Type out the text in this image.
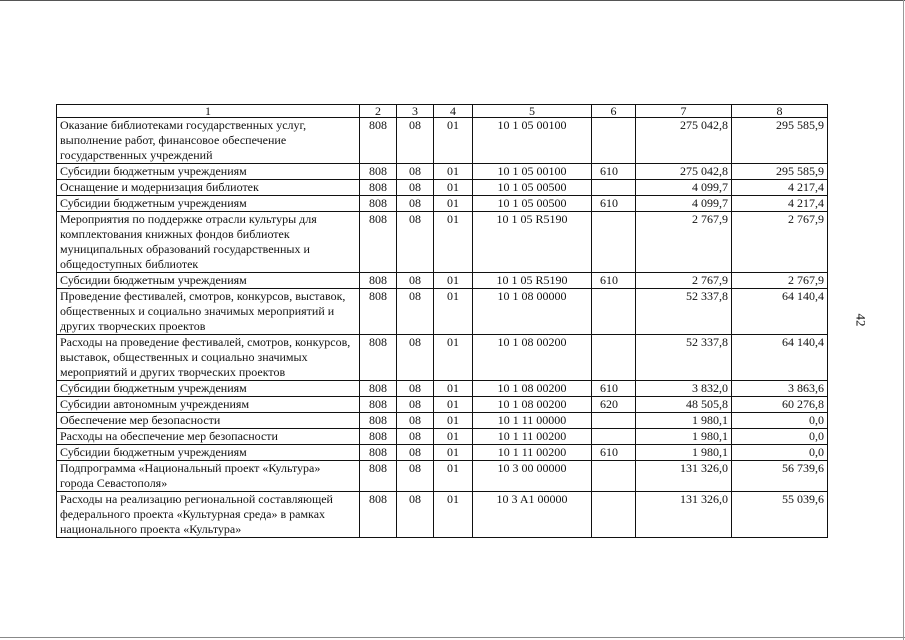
1	2	3	4	5	6	7	8
Оказание библиотеками государственных услуг, выполнение работ, финансовое обеспечение государственных учреждений	808	08	01	10 1 05 00100		275 042,8	295 585,9
Субсидии бюджетным учреждениям	808	08	01	10 1 05 00100	610	275 042,8	295 585,9
Оснащение и модернизация библиотек	808	08	01	10 1 05 00500		4 099,7	4 217,4
Субсидии бюджетным учреждениям	808	08	01	10 1 05 00500	610	4 099,7	4 217,4
Мероприятия по поддержке отрасли культуры для комплектования книжных фондов библиотек муниципальных образований государственных и общедоступных библиотек	808	08	01	10 1 05 R5190		2 767,9	2 767,9
Субсидии бюджетным учреждениям	808	08	01	10 1 05 R5190	610	2 767,9	2 767,9
Проведение фестивалей, смотров, конкурсов, выставок, общественных и социально значимых мероприятий и других творческих проектов	808	08	01	10 1 08 00000		52 337,8	64 140,4
Расходы на проведение фестивалей, смотров, конкурсов, выставок, общественных и социально значимых мероприятий и других творческих проектов	808	08	01	10 1 08 00200		52 337,8	64 140,4
Субсидии бюджетным учреждениям	808	08	01	10 1 08 00200	610	3 832,0	3 863,6
Субсидии автономным учреждениям	808	08	01	10 1 08 00200	620	48 505,8	60 276,8
Обеспечение мер безопасности	808	08	01	10 1 11 00000		1 980,1	0,0
Расходы на обеспечение мер безопасности	808	08	01	10 1 11 00200		1 980,1	0,0
Субсидии бюджетным учреждениям	808	08	01	10 1 11 00200	610	1 980,1	0,0
Подпрограмма «Национальный проект «Культура» города Севастополя»	808	08	01	10 3 00 00000		131 326,0	56 739,6
Расходы на реализацию региональной составляющей федерального проекта «Культурная среда» в рамках национального проекта «Культура»	808	08	01	10 3 A1 00000		131 326,0	55 039,6
42
